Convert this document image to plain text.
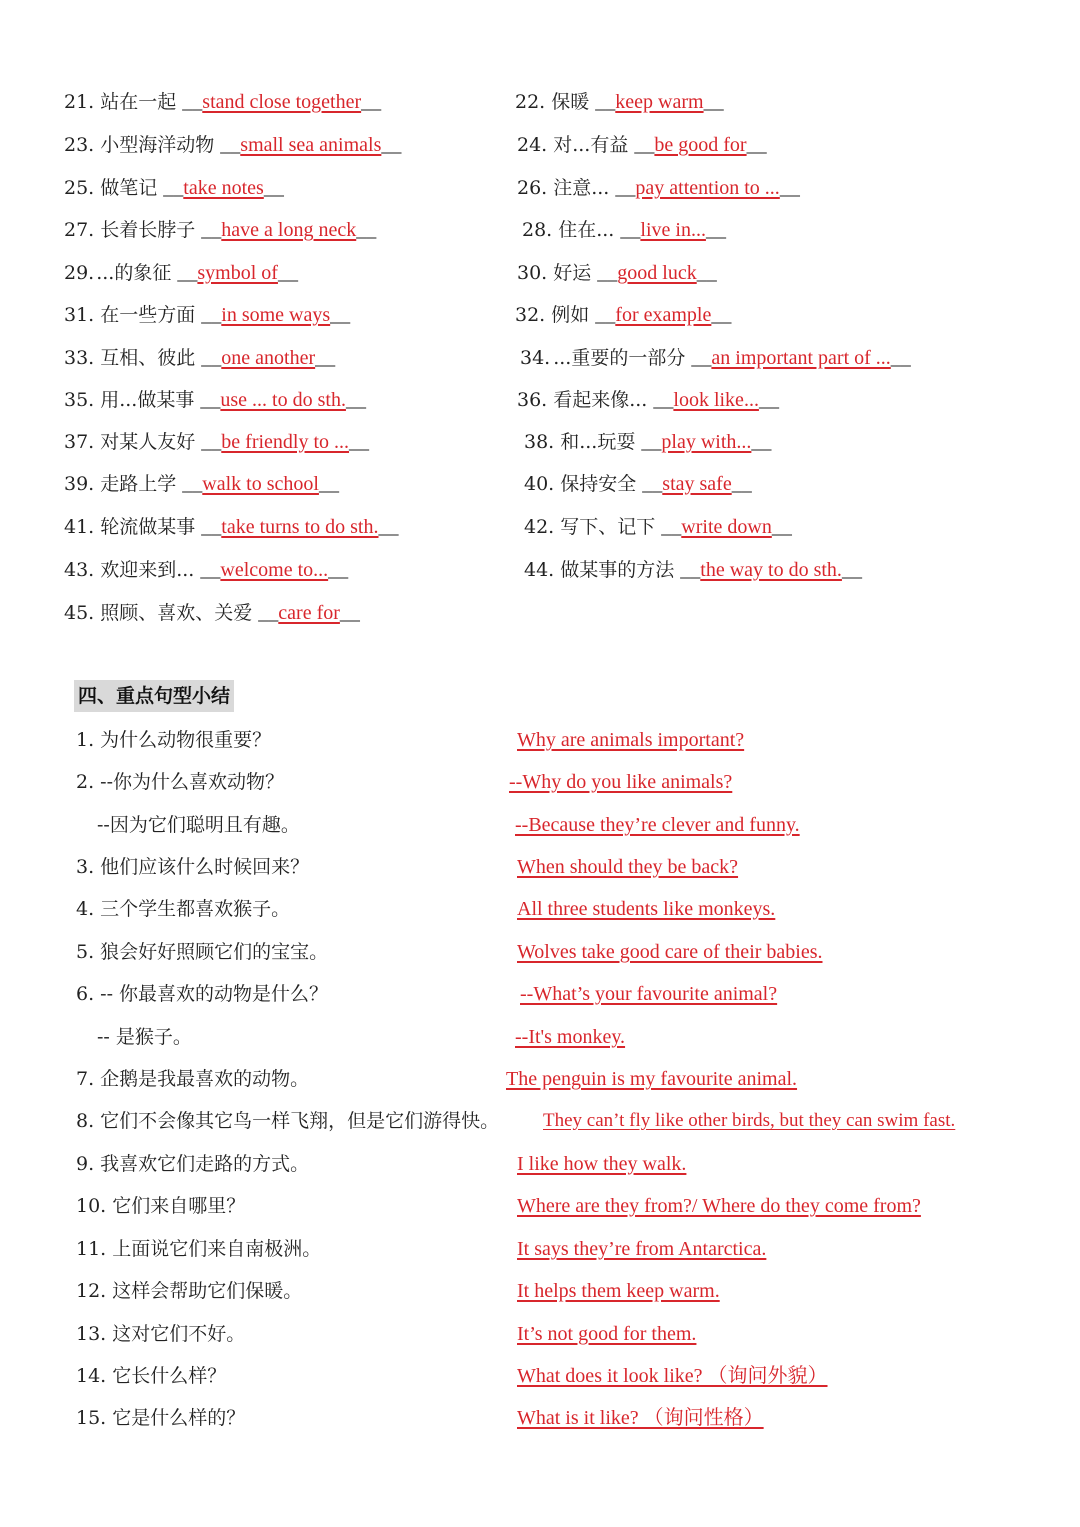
21. 站在一起 __stand close together__	22. 保暖 __keep warm__
23. 小型海洋动物 __small sea animals__	24. 对...有益 __be good for__
25. 做笔记 __take notes__	26. 注意... __pay attention to ...__
27. 长着长脖子 __have a long neck__	28. 住在... __live in...__
29. ...的象征 __symbol of__	30. 好运 __good luck__
31. 在一些方面 __in some ways__	32. 例如 __for example__
33. 互相、彼此 __one another__	34. ...重要的一部分 __an important part of ...__
35. 用...做某事 __use ... to do sth.__	36. 看起来像... __look like...__
37. 对某人友好 __be friendly to ...__	38. 和...玩耍 __play with...__
39. 走路上学 __walk to school__	40. 保持安全 __stay safe__
41. 轮流做某事 __take turns to do sth.__	42. 写下、记下 __write down__
43. 欢迎来到... __welcome to...__	44. 做某事的方法 __the way to do sth.__
45. 照顾、喜欢、关爱 __care for__
四、重点句型小结
1. 为什么动物很重要？	Why are animals important?
2. --你为什么喜欢动物？	--Why do you like animals?
--因为它们聪明且有趣。	--Because they’re clever and funny.
3. 他们应该什么时候回来？	When should they be back?
4. 三个学生都喜欢猴子。	All three students like monkeys.
5. 狼会好好照顾它们的宝宝。	Wolves take good care of their babies.
6. -- 你最喜欢的动物是什么？	--What’s your favourite animal?
-- 是猴子。	--It's monkey.
7. 企鹅是我最喜欢的动物。	The penguin is my favourite animal.
8. 它们不会像其它鸟一样飞翔，但是它们游得快。 They can’t fly like other birds, but they can swim fast.
9. 我喜欢它们走路的方式。	I like how they walk.
10. 它们来自哪里？	Where are they from?/ Where do they come from?
11. 上面说它们来自南极洲。	It says they’re from Antarctica.
12. 这样会帮助它们保暖。	It helps them keep warm.
13. 这对它们不好。	It’s not good for them.
14. 它长什么样？	What does it look like? （询问外貌）
15. 它是什么样的？	What is it like? （询问性格）
